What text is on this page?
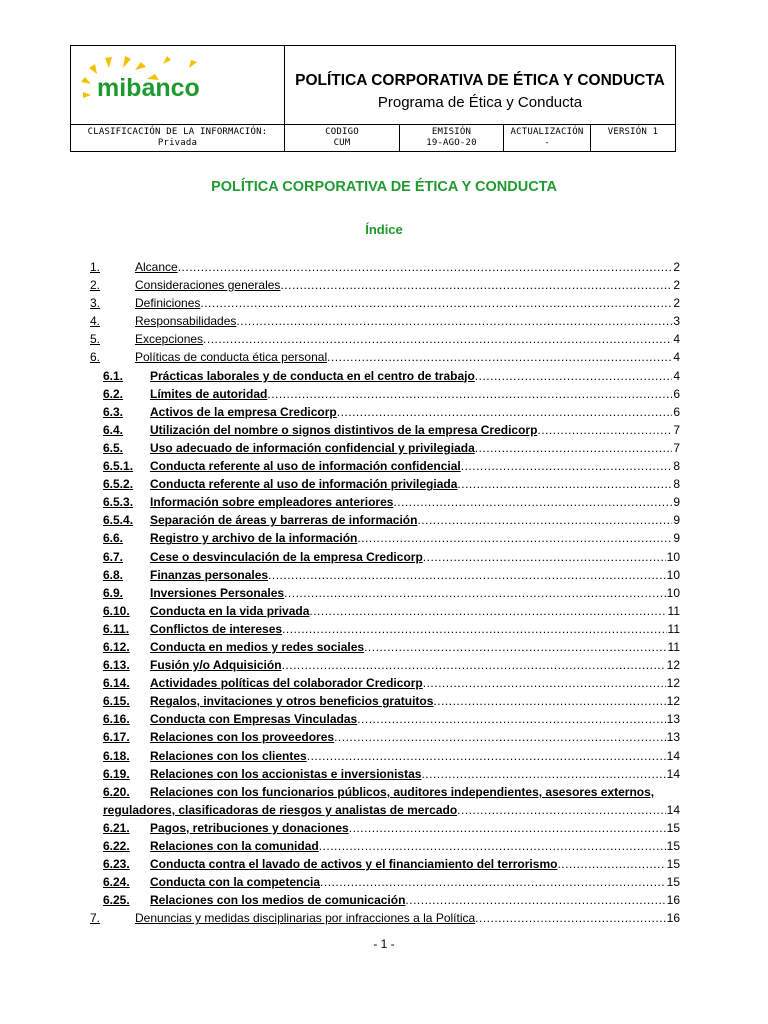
mibanco	POLÍTICA CORPORATIVA DE ÉTICA Y CONDUCTA
Programa de Ética y Conducta
CLASIFICACIÓN DE LA INFORMACIÓN:
Privada
CODIGO
CUM
EMISIÓN
19-AGO-20
ACTUALIZACIÓN
-
VERSIÓN 1
POLÍTICA CORPORATIVA DE ÉTICA Y CONDUCTA
Índice
1.	Alcance .....	2
2.	Consideraciones generales .....	2
3.	Definiciones .....	2
4.	Responsabilidades .....	3
5.	Excepciones .....	4
6.	Políticas de conducta ética personal .....	4
6.1. Prácticas laborales y de conducta en el centro de trabajo .....	4
6.2. Límites de autoridad .....	6
6.3. Activos de la empresa Credicorp .....	6
6.4. Utilización del nombre o signos distintivos de la empresa Credicorp .....	7
6.5. Uso adecuado de información confidencial y privilegiada .....	7
6.5.1. Conducta referente al uso de información confidencial .....	8
6.5.2. Conducta referente al uso de información privilegiada .....	8
6.5.3. Información sobre empleadores anteriores .....	9
6.5.4. Separación de áreas y barreras de información .....	9
6.6. Registro y archivo de la información .....	9
6.7. Cese o desvinculación de la empresa Credicorp .....	10
6.8. Finanzas personales .....	10
6.9. Inversiones Personales .....	10
6.10. Conducta en la vida privada .....	11
6.11. Conflictos de intereses .....	11
6.12. Conducta en medios y redes sociales .....	11
6.13. Fusión y/o Adquisición .....	12
6.14. Actividades políticas del colaborador Credicorp .....	12
6.15. Regalos, invitaciones y otros beneficios gratuitos .....	12
6.16. Conducta con Empresas Vinculadas .....	13
6.17. Relaciones con los proveedores .....	13
6.18. Relaciones con los clientes .....	14
6.19. Relaciones con los accionistas e inversionistas .....	14
6.20. Relaciones con los funcionarios públicos, auditores independientes, asesores externos,
reguladores, clasificadoras de riesgos y analistas de mercado .....	14
6.21. Pagos, retribuciones y donaciones .....	15
6.22. Relaciones con la comunidad .....	15
6.23. Conducta contra el lavado de activos y el financiamiento del terrorismo .....	15
6.24. Conducta con la competencia .....	15
6.25. Relaciones con los medios de comunicación .....	16
7.	Denuncias y medidas disciplinarias por infracciones a la Política .....	16
- 1 -
